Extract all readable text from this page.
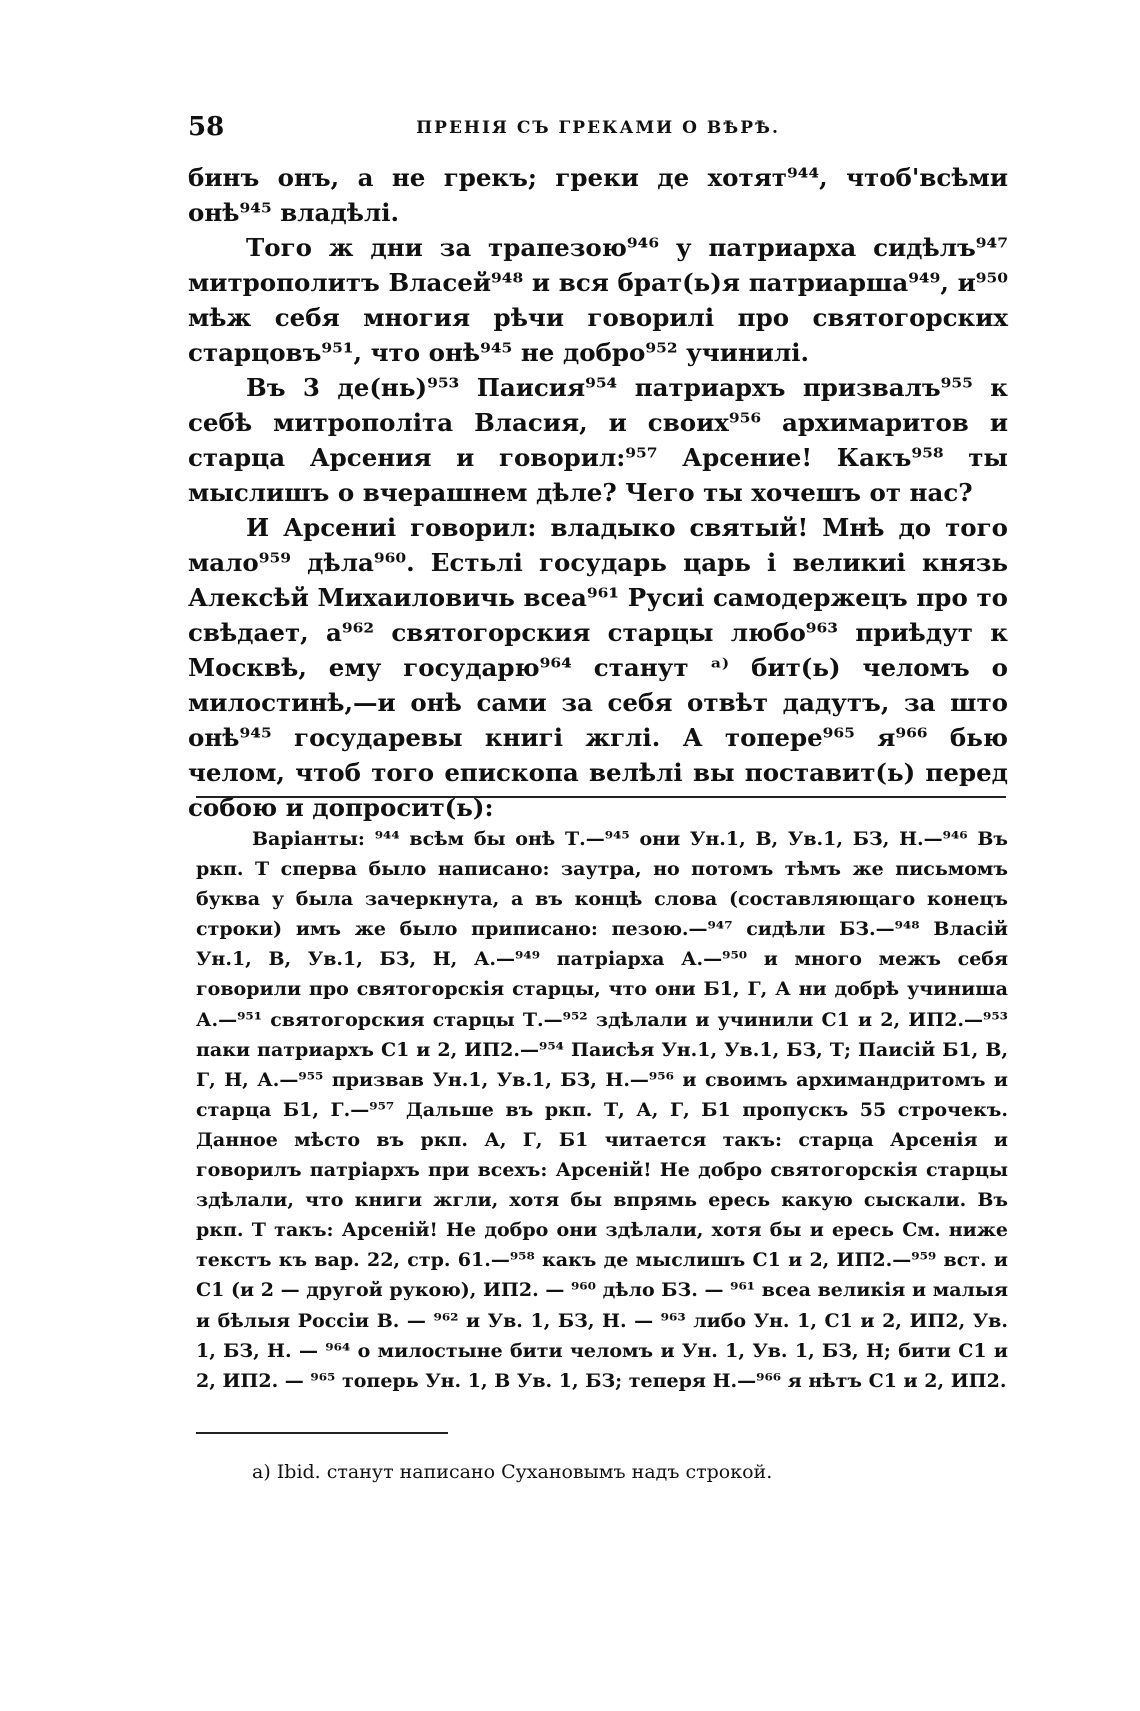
58	ПРЕНІЯ СЪ ГРЕКАМИ О ВѢРѢ.

бинъ онъ, а не грекъ; греки де хотят⁹⁴⁴, чтоб'всѣми онѣ⁹⁴⁵ владѣлі.

Того ж дни за трапезою⁹⁴⁶ у патриарха сидѣлъ⁹⁴⁷ митрополитъ Власей⁹⁴⁸ и вся брат(ь)я патриарша⁹⁴⁹, и⁹⁵⁰ мѣж себя многия рѣчи говорилі про святогорских старцовъ⁹⁵¹, что онѣ⁹⁴⁵ не добро⁹⁵² учинилі.

Въ 3 де(нь)⁹⁵³ Паисия⁹⁵⁴ патриархъ призвалъ⁹⁵⁵ к себѣ митрополіта Власия, и своих⁹⁵⁶ архимаритов и старца Арсения и говорил:⁹⁵⁷ Арсение! Какъ⁹⁵⁸ ты мыслишъ о вчерашнем дѣле? Чего ты хочешъ от нас?

И Арсениі говорил: владыко святый! Мнѣ до того мало⁹⁵⁹ дѣла⁹⁶⁰. Естьлі государь царь і великиі князь Алексѣй Михаиловичь всеа⁹⁶¹ Русиі самодержецъ про то свѣдает, а⁹⁶² святогорския старцы любо⁹⁶³ приѣдут к Москвѣ, ему государю⁹⁶⁴ станут ᵃ⁾ бит(ь) челомъ о милостинѣ,—и онѣ сами за себя отвѣт дадутъ, за што онѣ⁹⁴⁵ государевы книгі жглі. А топере⁹⁶⁵ я⁹⁶⁶ бью челом, чтоб того епископа велѣлі вы поставит(ь) перед собою и допросит(ь):

Варіанты: ⁹⁴⁴ всѣм бы онѣ Т.—⁹⁴⁵ они Ун.1, В, Ув.1, БЗ, Н.—⁹⁴⁶ Въ ркп. Т сперва было написано: заутра, но потомъ тѣмъ же письмомъ буква у была зачеркнута, а въ концѣ слова (составляющаго конецъ строки) имъ же было приписано: пезою.—⁹⁴⁷ сидѣли БЗ.—⁹⁴⁸ Власій Ун.1, В, Ув.1, БЗ, Н, А.—⁹⁴⁹ патріарха А.—⁹⁵⁰ и много межъ себя говорили про святогорскія старцы, что они Б1, Г, А ни добрѣ учинишa А.—⁹⁵¹ святогорския старцы Т.—⁹⁵² здѣлали и учинили С1 и 2, ИП2.—⁹⁵³ паки патриархъ С1 и 2, ИП2.—⁹⁵⁴ Паисѣя Ун.1, Ув.1, БЗ, Т; Паисій Б1, В, Г, Н, А.—⁹⁵⁵ призвав Ун.1, Ув.1, БЗ, Н.—⁹⁵⁶ и своимъ архимандритомъ и старца Б1, Г.—⁹⁵⁷ Дальше въ ркп. Т, А, Г, Б1 пропускъ 55 строчекъ. Данное мѣсто въ ркп. А, Г, Б1 читается такъ: старца Арсенія и говорилъ патріархъ при всехъ: Арсеній! Не добро святогорскія старцы здѣлали, что книги жгли, хотя бы впрямь ересь какую сыскали. Въ ркп. Т такъ: Арсеній! Не добро они здѣлали, хотя бы и ересь См. ниже текстъ къ вар. 22, стр. 61.—⁹⁵⁸ какъ де мыслишъ С1 и 2, ИП2.—⁹⁵⁹ вст. и С1 (и 2 — другой рукою), ИП2. — ⁹⁶⁰ дѣло БЗ. — ⁹⁶¹ всеа великія и малыя и бѣлыя Россіи В. — ⁹⁶² и Ув. 1, БЗ, Н. — ⁹⁶³ либо Ун. 1, С1 и 2, ИП2, Ув. 1, БЗ, Н. — ⁹⁶⁴ о милостыне бити челомъ и Ун. 1, Ув. 1, БЗ, Н; бити С1 и 2, ИП2. — ⁹⁶⁵ топерь Ун. 1, В Ув. 1, БЗ; теперя Н.—⁹⁶⁶ я нѣтъ С1 и 2, ИП2.

а) Ibid. станут написано Сухановымъ надъ строкой.
